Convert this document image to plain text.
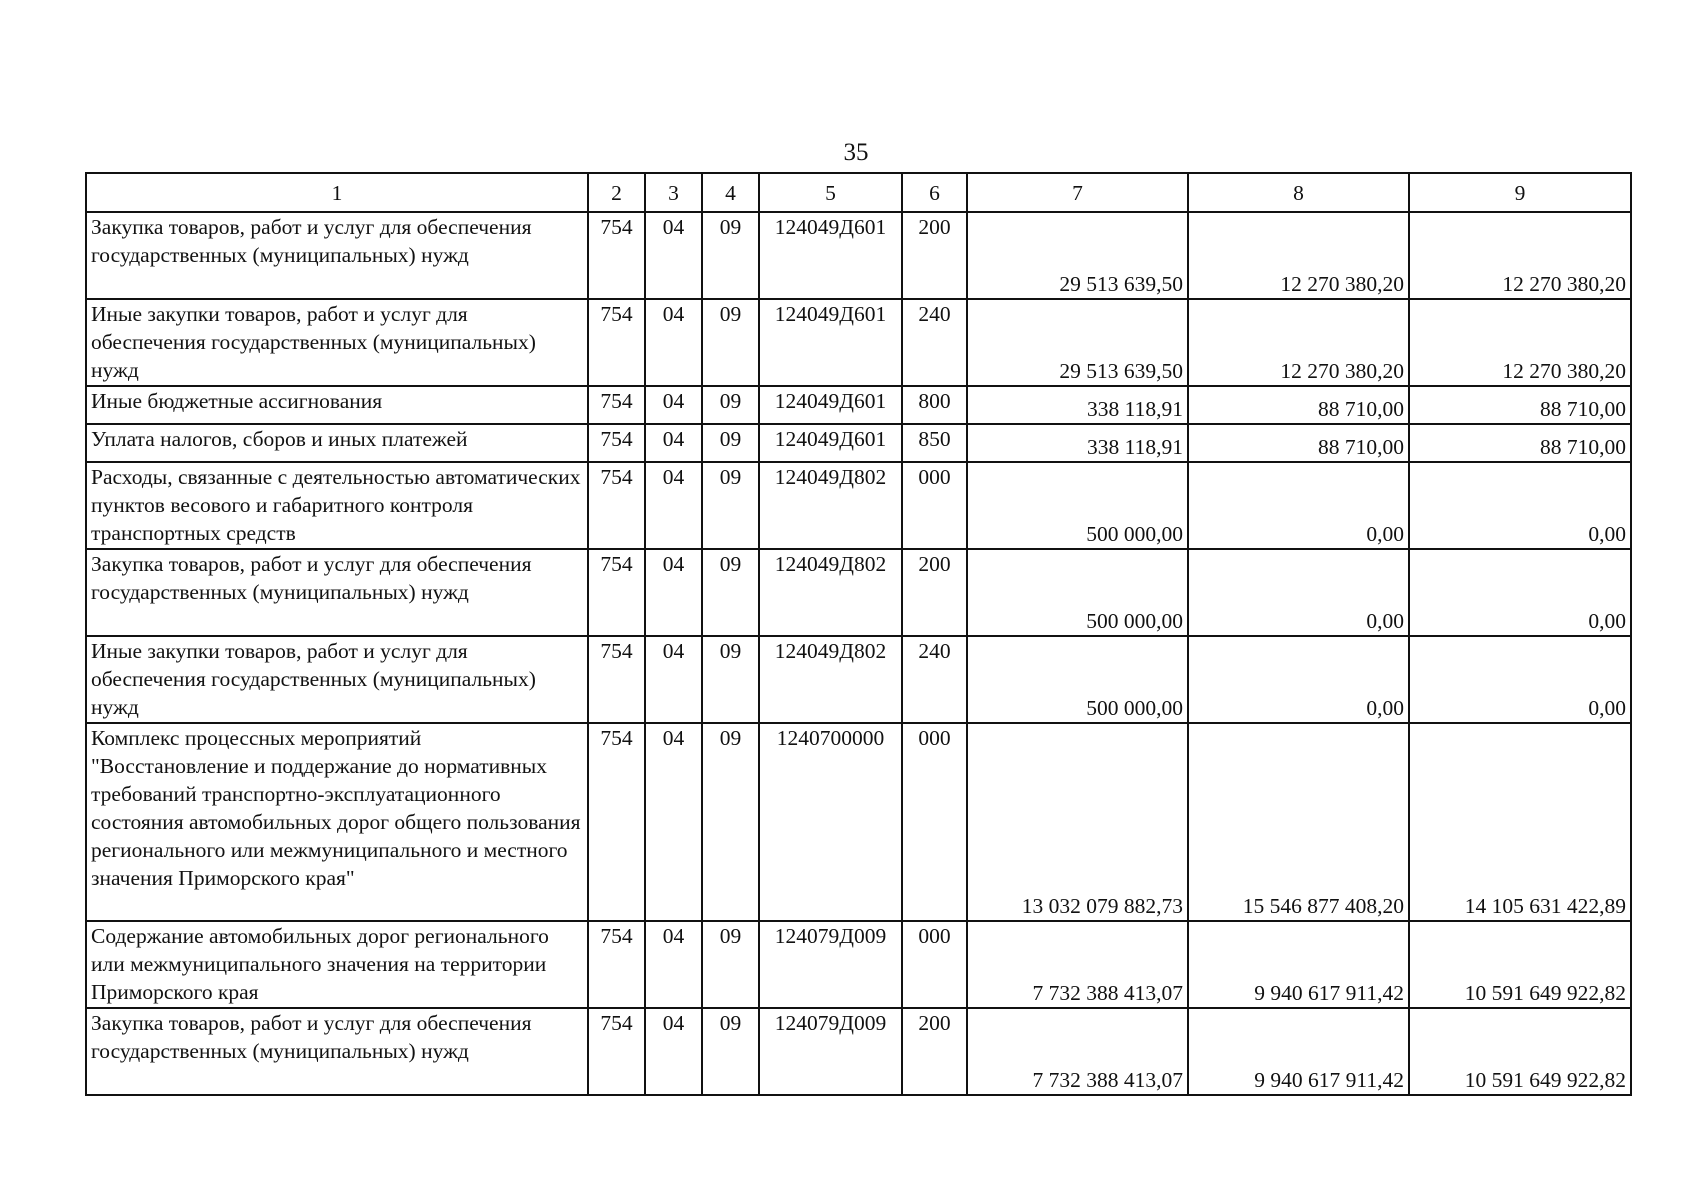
35
1	2	3	4	5	6	7	8	9
Закупка товаров, работ и услуг для обеспечения государственных (муниципальных) нужд	754	04	09	124049Д601	200	29 513 639,50	12 270 380,20	12 270 380,20
Иные закупки товаров, работ и услуг для обеспечения государственных (муниципальных) нужд	754	04	09	124049Д601	240	29 513 639,50	12 270 380,20	12 270 380,20
Иные бюджетные ассигнования	754	04	09	124049Д601	800	338 118,91	88 710,00	88 710,00
Уплата налогов, сборов и иных платежей	754	04	09	124049Д601	850	338 118,91	88 710,00	88 710,00
Расходы, связанные с деятельностью автоматических пунктов весового и габаритного контроля транспортных средств	754	04	09	124049Д802	000	500 000,00	0,00	0,00
Закупка товаров, работ и услуг для обеспечения государственных (муниципальных) нужд	754	04	09	124049Д802	200	500 000,00	0,00	0,00
Иные закупки товаров, работ и услуг для обеспечения государственных (муниципальных) нужд	754	04	09	124049Д802	240	500 000,00	0,00	0,00
Комплекс процессных мероприятий "Восстановление и поддержание до нормативных требований транспортно-эксплуатационного состояния автомобильных дорог общего пользования регионального или межмуниципального и местного значения Приморского края"	754	04	09	1240700000	000	13 032 079 882,73	15 546 877 408,20	14 105 631 422,89
Содержание автомобильных дорог регионального или межмуниципального значения на территории Приморского края	754	04	09	124079Д009	000	7 732 388 413,07	9 940 617 911,42	10 591 649 922,82
Закупка товаров, работ и услуг для обеспечения государственных (муниципальных) нужд	754	04	09	124079Д009	200	7 732 388 413,07	9 940 617 911,42	10 591 649 922,82
